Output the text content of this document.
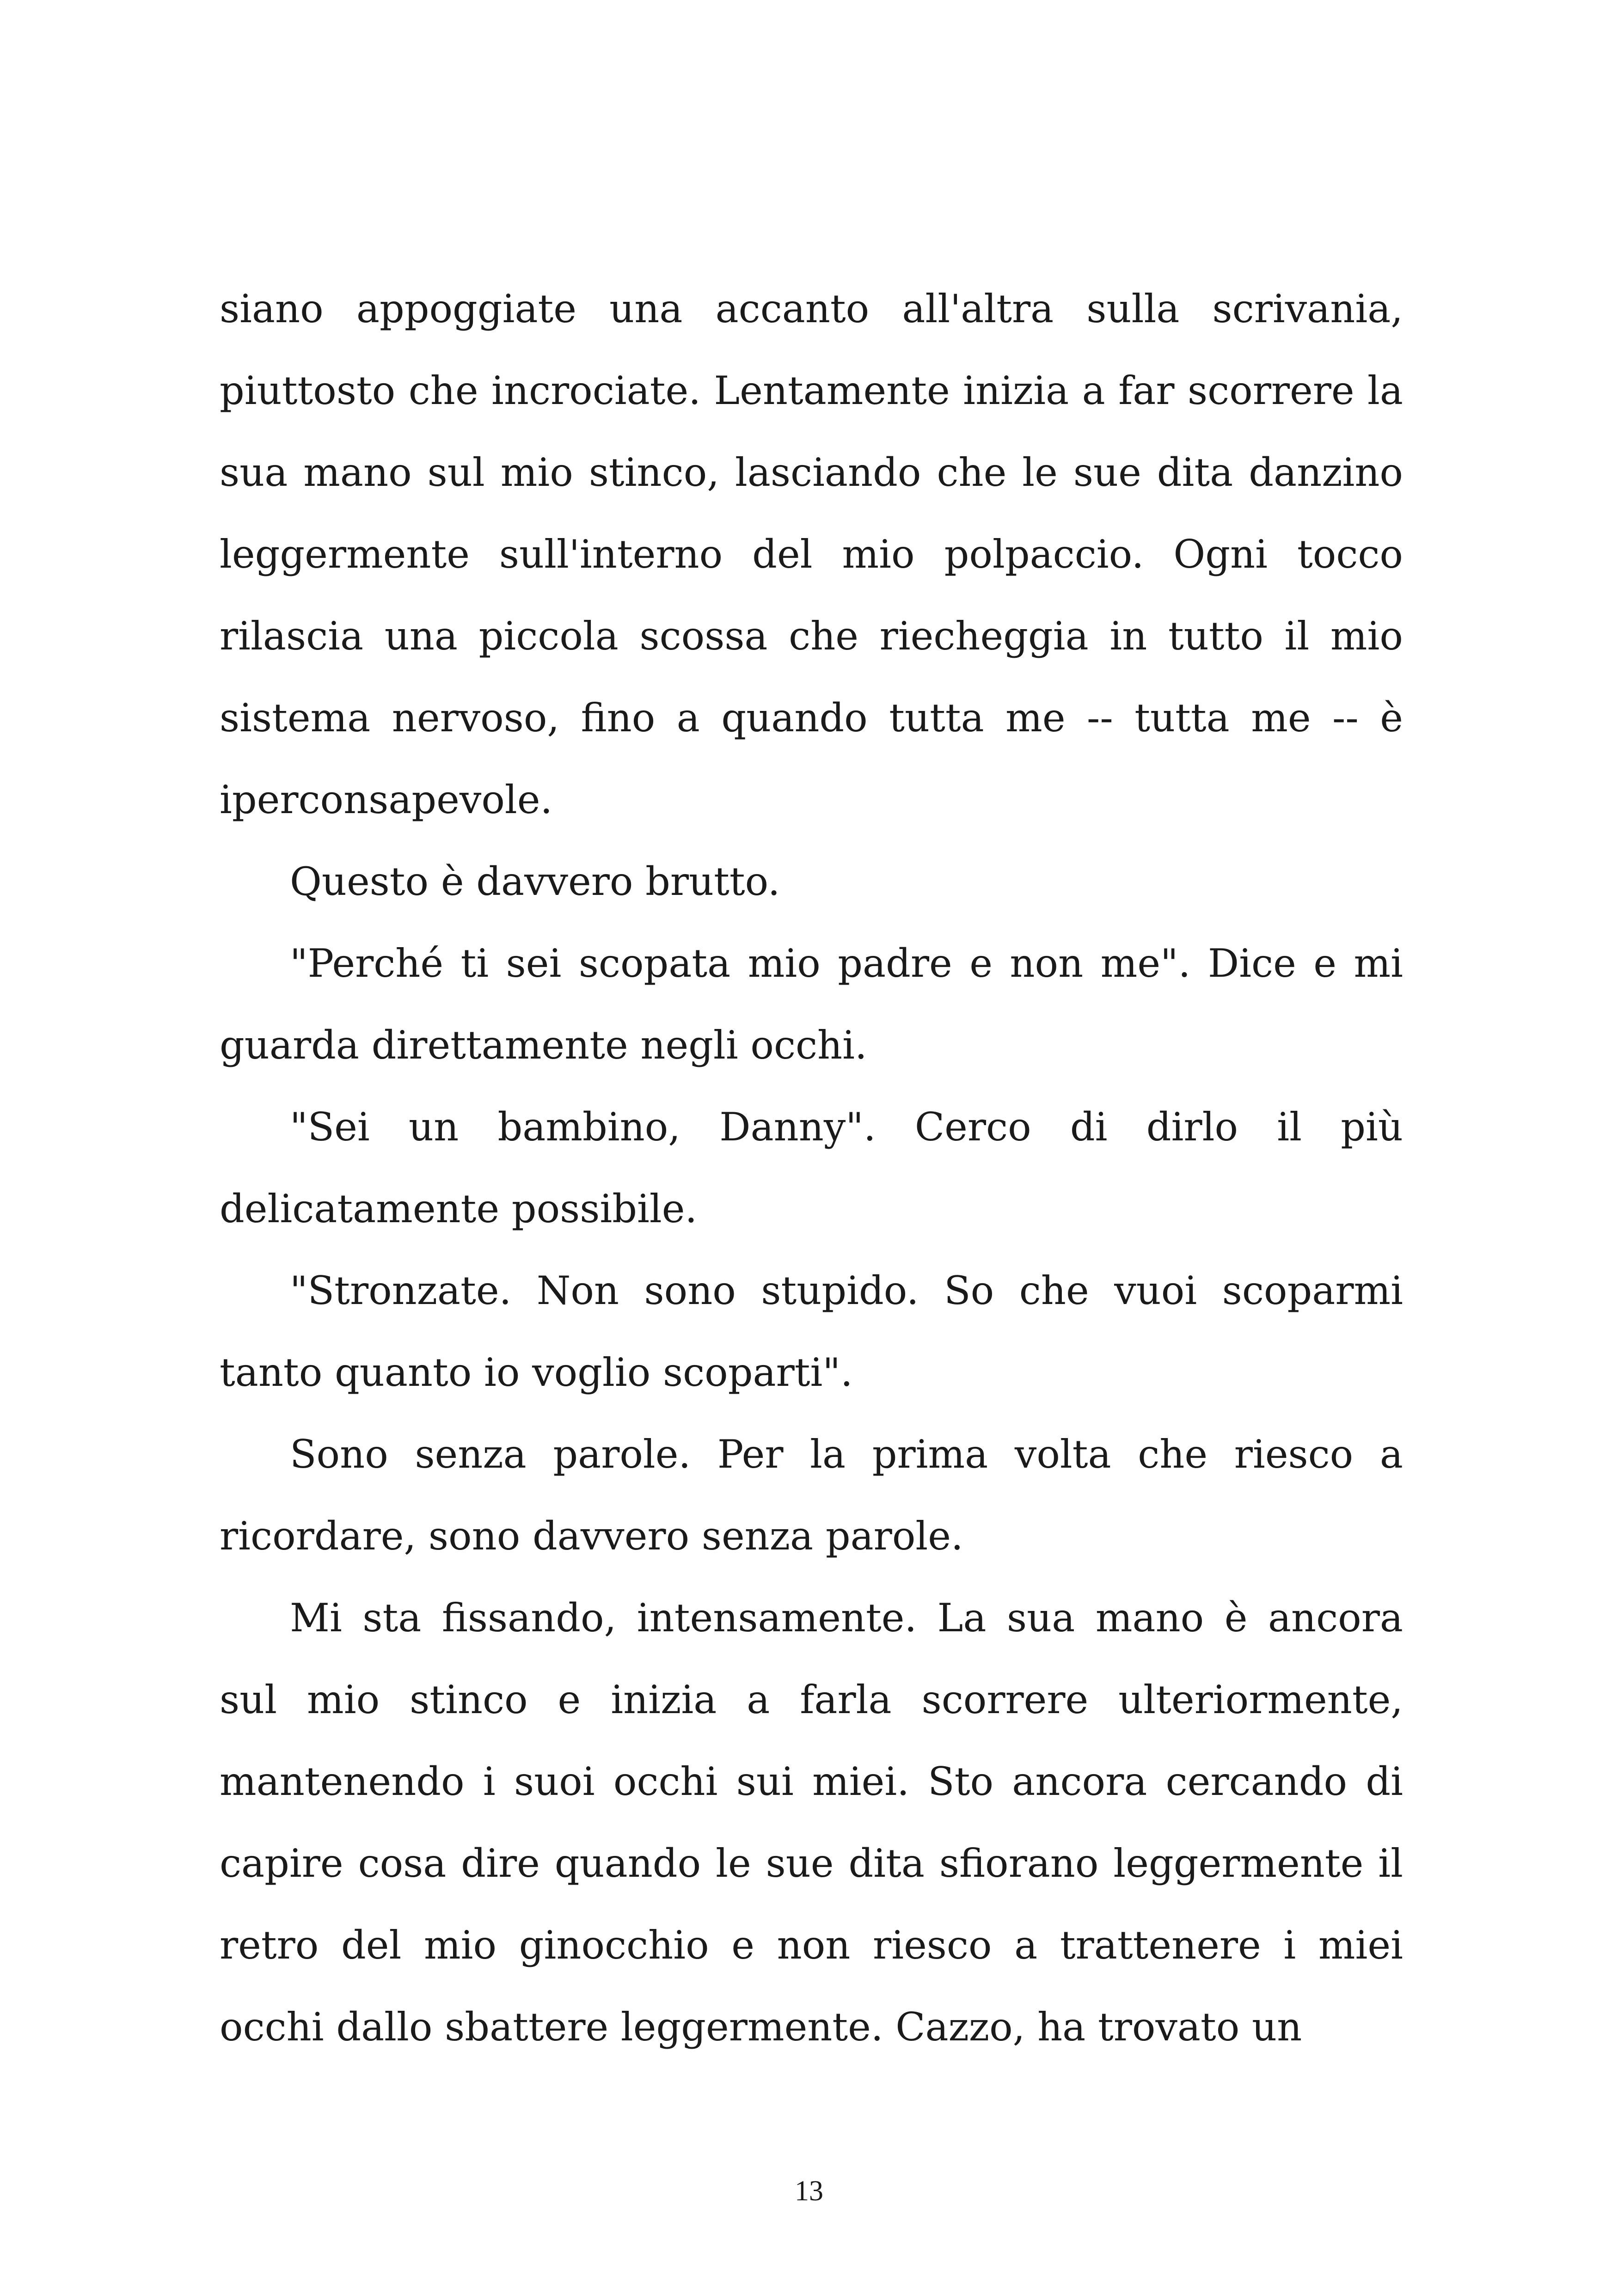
siano appoggiate una accanto all'altra sulla scrivania, piuttosto che incrociate. Lentamente inizia a far scorrere la sua mano sul mio stinco, lasciando che le sue dita danzino leggermente sull'interno del mio polpaccio. Ogni tocco rilascia una piccola scossa che riecheggia in tutto il mio sistema nervoso, fino a quando tutta me -- tutta me -- è iperconsapevole.

Questo è davvero brutto.

"Perché ti sei scopata mio padre e non me". Dice e mi guarda direttamente negli occhi.

"Sei un bambino, Danny". Cerco di dirlo il più delicatamente possibile.

"Stronzate. Non sono stupido. So che vuoi scoparmi tanto quanto io voglio scoparti".

Sono senza parole. Per la prima volta che riesco a ricordare, sono davvero senza parole.

Mi sta fissando, intensamente. La sua mano è ancora sul mio stinco e inizia a farla scorrere ulteriormente, mantenendo i suoi occhi sui miei. Sto ancora cercando di capire cosa dire quando le sue dita sfiorano leggermente il retro del mio ginocchio e non riesco a trattenere i miei occhi dallo sbattere leggermente. Cazzo, ha trovato un

13
